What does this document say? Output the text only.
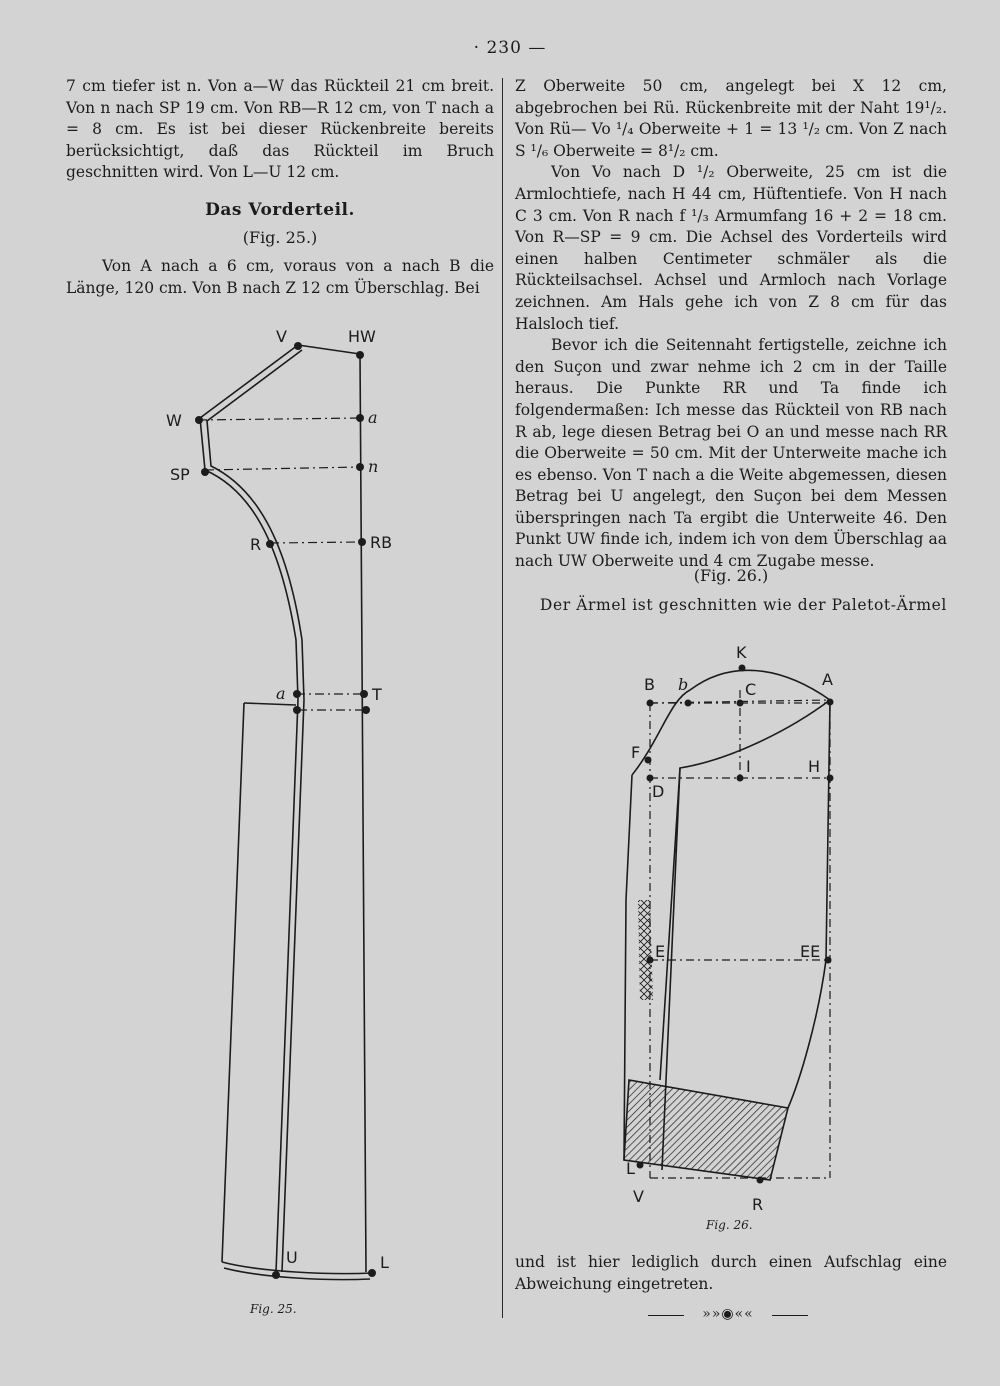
· 230 —

7 cm tiefer ist n. Von a—W das Rückteil 21 cm breit. Von n nach SP 19 cm. Von RB—R 12 cm, von T nach a = 8 cm. Es ist bei dieser Rückenbreite bereits berücksichtigt, daß das Rückteil im Bruch geschnitten wird. Von L—U 12 cm.

Das Vorderteil.
(Fig. 25.)

Von A nach a 6 cm, voraus von a nach B die Länge, 120 cm. Von B nach Z 12 cm Überschlag. Bei

Z Oberweite 50 cm, angelegt bei X 12 cm, abgebrochen bei Rü. Rückenbreite mit der Naht 19¹/₂. Von Rü— Vo ¹/₄ Oberweite + 1 = 13 ¹/₂ cm. Von Z nach S ¹/₆ Oberweite = 8¹/₂ cm.

Von Vo nach D ¹/₂ Oberweite, 25 cm ist die Armlochtiefe, nach H 44 cm, Hüftentiefe. Von H nach C 3 cm. Von R nach f ¹/₃ Armumfang 16 + 2 = 18 cm. Von R—SP = 9 cm. Die Achsel des Vorderteils wird einen halben Centimeter schmäler als die Rückteilsachsel. Achsel und Armloch nach Vorlage zeichnen. Am Hals gehe ich von Z 8 cm für das Halsloch tief.

Bevor ich die Seitennaht fertigstelle, zeichne ich den Suçon und zwar nehme ich 2 cm in der Taille heraus. Die Punkte RR und Ta finde ich folgendermaßen: Ich messe das Rückteil von RB nach R ab, lege diesen Betrag bei O an und messe nach RR die Oberweite = 50 cm. Mit der Unterweite mache ich es ebenso. Von T nach a die Weite abgemessen, diesen Betrag bei U angelegt, den Suçon bei dem Messen überspringen nach Ta ergibt die Unterweite 46. Den Punkt UW finde ich, indem ich von dem Überschlag aa nach UW Oberweite und 4 cm Zugabe messe.

(Fig. 26.)
Der Ärmel ist geschnitten wie der Paletot-Ärmel
V	HW
W	a
SP	n
R	RB
a	T
U	L
Fig. 25.
K
B b	C
A
F
I	H
D
E	EE
L
V	R
Fig. 26.

und ist hier lediglich durch einen Aufschlag eine Abweichung eingetreten.

»»◉««
